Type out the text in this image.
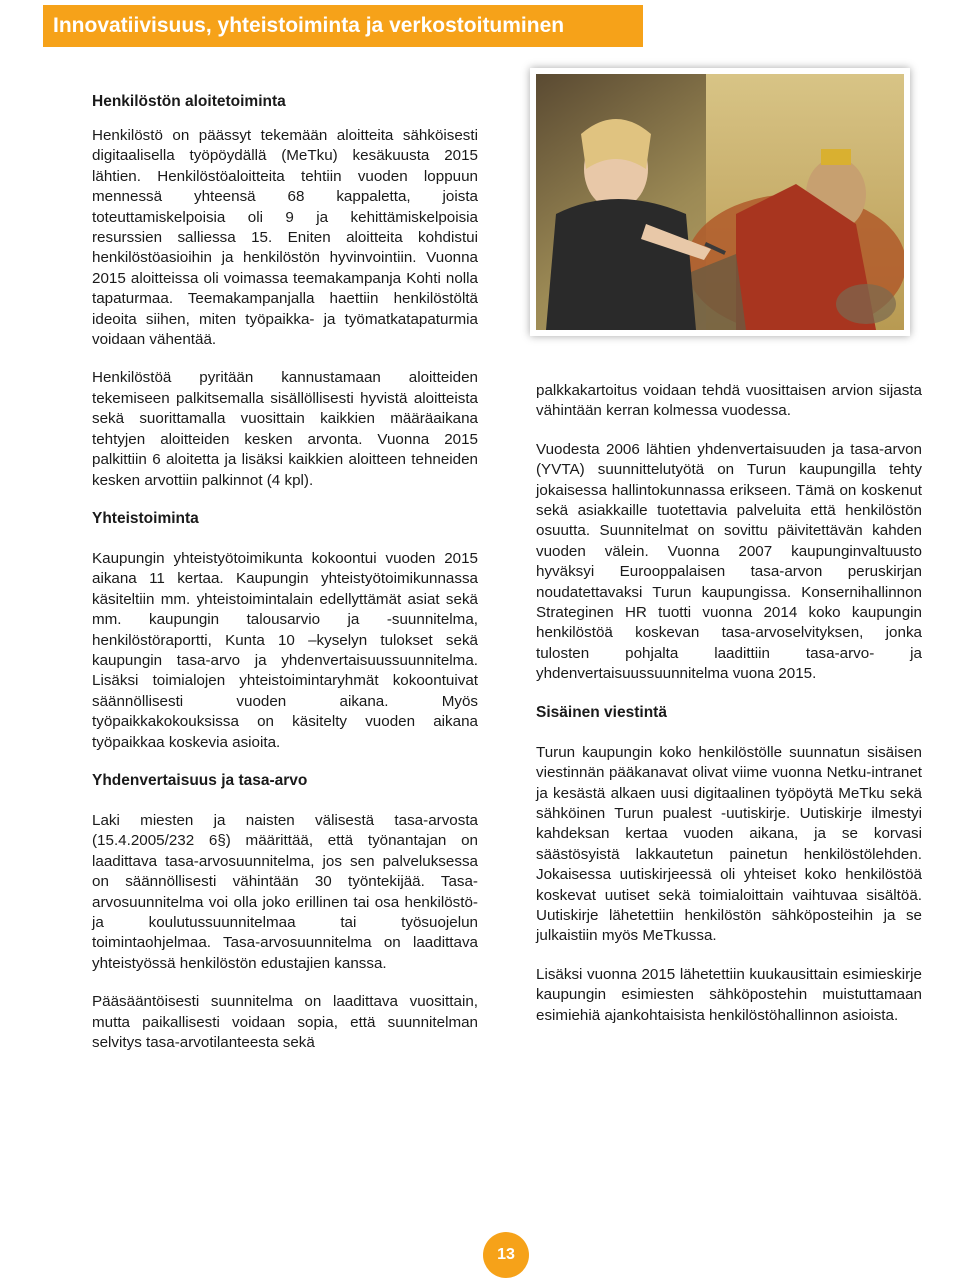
Innovatiivisuus, yhteistoiminta ja verkostoituminen
Henkilöstön aloitetoiminta

Henkilöstö on päässyt tekemään aloitteita sähköisesti digitaalisella työpöydällä (MeTku) kesäkuusta 2015 lähtien. Henkilöstöaloitteita tehtiin vuoden loppuun mennessä yhteensä 68 kappaletta, joista toteuttamiskelpoisia oli 9 ja kehittämiskelpoisia resurssien salliessa 15. Eniten aloitteita kohdistui henkilöstöasioihin ja henkilöstön hyvinvointiin. Vuonna 2015 aloitteissa oli voimassa teemakampanja Kohti nolla tapaturmaa. Teemakampanjalla haettiin henkilöstöltä ideoita siihen, miten työpaikka- ja työmatkatapaturmia voidaan vähentää.

Henkilöstöä pyritään kannustamaan aloitteiden tekemiseen palkitsemalla sisällöllisesti hyvistä aloitteista sekä suorittamalla vuosittain kaikkien määräaikana tehtyjen aloitteiden kesken arvonta. Vuonna 2015 palkittiin 6 aloitetta ja lisäksi kaikkien aloitteen tehneiden kesken arvottiin palkinnot (4 kpl).

Yhteistoiminta

Kaupungin yhteistyötoimikunta kokoontui vuoden 2015 aikana 11 kertaa. Kaupungin yhteistyötoimikunnassa käsiteltiin mm. yhteistoimintalain edellyttämät asiat sekä mm. kaupungin talousarvio ja -suunnitelma, henkilöstöraportti, Kunta 10 –kyselyn tulokset sekä kaupungin tasa-arvo ja yhdenvertaisuussuunnitelma. Lisäksi toimialojen yhteistoimintaryhmät kokoontuivat säännöllisesti vuoden aikana. Myös työpaikkakokouksissa on käsitelty vuoden aikana työpaikkaa koskevia asioita.

Yhdenvertaisuus ja tasa-arvo

Laki miesten ja naisten välisestä tasa-arvosta (15.4.2005/232 6§) määrittää, että työnantajan on laadittava tasa-arvosuunnitelma, jos sen palveluksessa on säännöllisesti vähintään 30 työntekijää. Tasa-arvosuunnitelma voi olla joko erillinen tai osa henkilöstö- ja koulutussuunnitelmaa tai työsuojelun toimintaohjelmaa. Tasa-arvosuunnitelma on laadittava yhteistyössä henkilöstön edustajien kanssa.

Pääsääntöisesti suunnitelma on laadittava vuosittain, mutta paikallisesti voidaan sopia, että suunnitelman selvitys tasa-arvotilanteesta sekä

palkkakartoitus voidaan tehdä vuosittaisen arvion sijasta vähintään kerran kolmessa vuodessa.

Vuodesta 2006 lähtien yhdenvertaisuuden ja tasa-arvon (YVTA) suunnittelutyötä on Turun kaupungilla tehty jokaisessa hallintokunnassa erikseen. Tämä on koskenut sekä asiakkaille tuotettavia palveluita että henkilöstön osuutta. Suunnitelmat on sovittu päivitettävän kahden vuoden välein. Vuonna 2007 kaupunginvaltuusto hyväksyi Eurooppalaisen tasa-arvon peruskirjan noudatettavaksi Turun kaupungissa. Konsernihallinnon Strateginen HR tuotti vuonna 2014 koko kaupungin henkilöstöä koskevan tasa-arvoselvityksen, jonka tulosten pohjalta laadittiin tasa-arvo- ja yhdenvertaisuussuunnitelma vuona 2015.

Sisäinen viestintä

Turun kaupungin koko henkilöstölle suunnatun sisäisen viestinnän pääkanavat olivat viime vuonna Netku-intranet ja kesästä alkaen uusi digitaalinen työpöytä MeTku sekä sähköinen Turun pualest -uutiskirje. Uutiskirje ilmestyi kahdeksan kertaa vuoden aikana, ja se korvasi säästösyistä lakkautetun painetun henkilöstölehden. Jokaisessa uutiskirjeessä oli yhteiset koko henkilöstöä koskevat uutiset sekä toimialoittain vaihtuvaa sisältöä. Uutiskirje lähetettiin henkilöstön sähköposteihin ja se julkaistiin myös MeTkussa.

Lisäksi vuonna 2015 lähetettiin kuukausittain esimieskirje kaupungin esimiesten sähköpostehin muistuttamaan esimiehiä ajankohtaisista henkilöstöhallinnon asioista.

13
